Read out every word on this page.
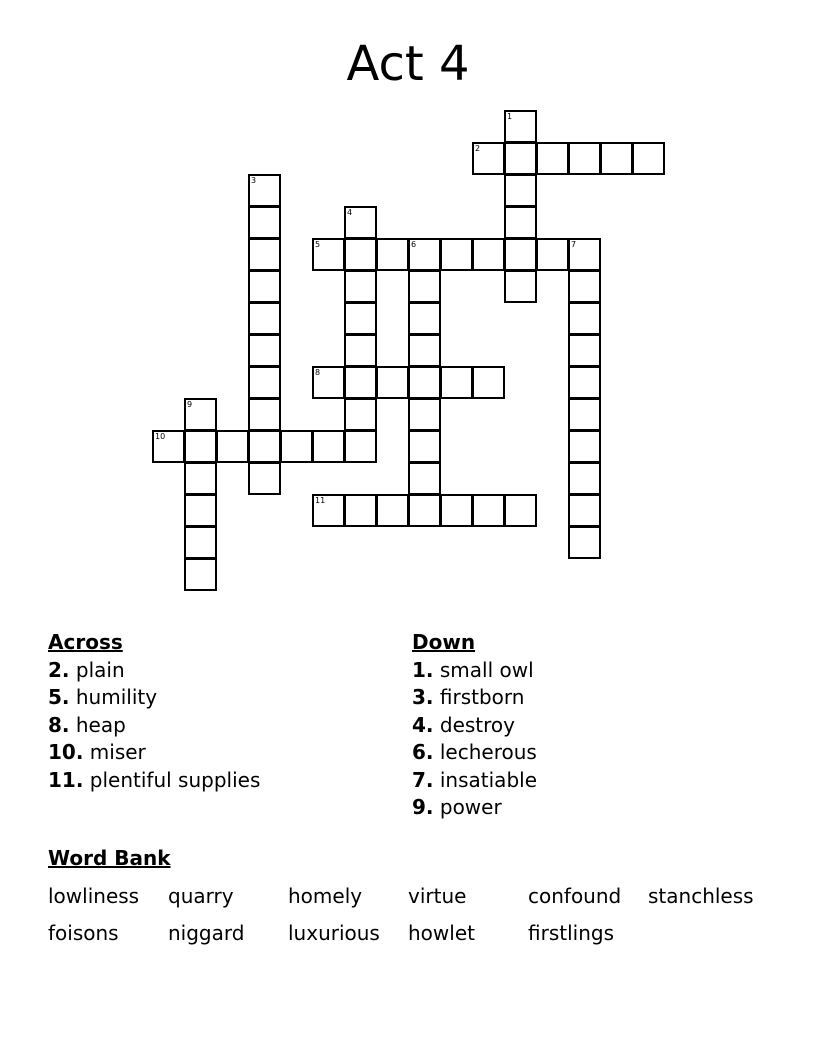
Act 4
1
2
3
4
5	6	7
8
9
10
11
Across
2. plain
5. humility
8. heap
10. miser
11. plentiful supplies
Down
1. small owl
3. firstborn
4. destroy
6. lecherous
7. insatiable
9. power
Word Bank
lowliness quarry	homely virtue	confound stanchless
foisons niggard luxurious howlet	firstlings
